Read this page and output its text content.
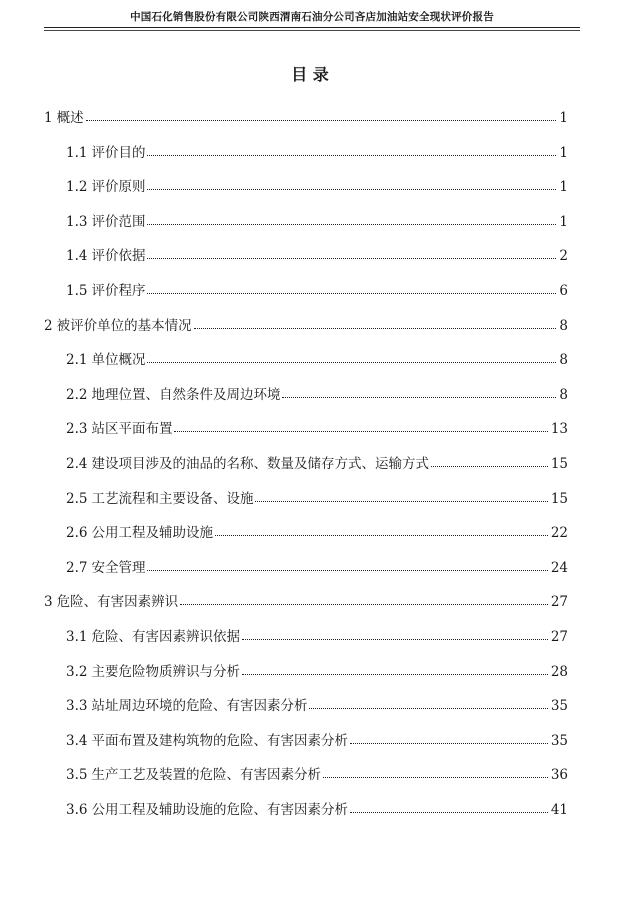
中国石化销售股份有限公司陕西渭南石油分公司吝店加油站安全现状评价报告
目 录
1 概述	1
1.1 评价目的	1
1.2 评价原则	1
1.3 评价范围	1
1.4 评价依据	2
1.5 评价程序	6
2 被评价单位的基本情况	8
2.1 单位概况	8
2.2 地理位置、自然条件及周边环境	8
2.3 站区平面布置	13
2.4 建设项目涉及的油品的名称、数量及储存方式、运输方式	15
2.5 工艺流程和主要设备、设施	15
2.6 公用工程及辅助设施	22
2.7 安全管理	24
3 危险、有害因素辨识	27
3.1 危险、有害因素辨识依据	27
3.2 主要危险物质辨识与分析	28
3.3 站址周边环境的危险、有害因素分析	35
3.4 平面布置及建构筑物的危险、有害因素分析	35
3.5 生产工艺及装置的危险、有害因素分析	36
3.6 公用工程及辅助设施的危险、有害因素分析	41
